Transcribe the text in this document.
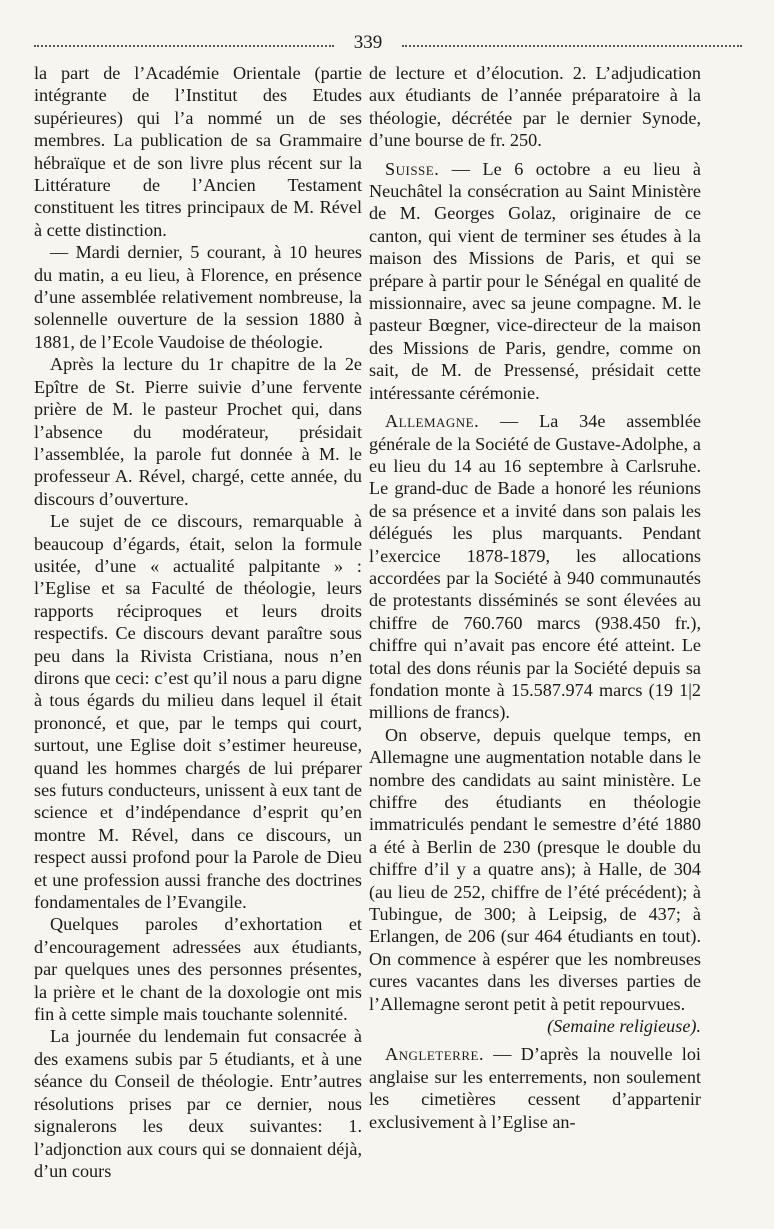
339

la part de l’Académie Orientale (partie intégrante de l’Institut des Etudes supérieures) qui l’a nommé un de ses membres. La publication de sa Grammaire hébraïque et de son livre plus récent sur la Littérature de l’Ancien Testament constituent les titres principaux de M. Rével à cette distinction.

— Mardi dernier, 5 courant, à 10 heures du matin, a eu lieu, à Florence, en présence d’une assemblée relativement nombreuse, la solennelle ouverture de la session 1880 à 1881, de l’Ecole Vaudoise de théologie.

Après la lecture du 1r chapitre de la 2e Epître de St. Pierre suivie d’une fervente prière de M. le pasteur Prochet qui, dans l’absence du modérateur, présidait l’assemblée, la parole fut donnée à M. le professeur A. Rével, chargé, cette année, du discours d’ouverture.

Le sujet de ce discours, remarquable à beaucoup d’égards, était, selon la formule usitée, d’une « actualité palpitante » : l’Eglise et sa Faculté de théologie, leurs rapports réciproques et leurs droits respectifs. Ce discours devant paraître sous peu dans la Rivista Cristiana, nous n’en dirons que ceci: c’est qu’il nous a paru digne à tous égards du milieu dans lequel il était prononcé, et que, par le temps qui court, surtout, une Eglise doit s’estimer heureuse, quand les hommes chargés de lui préparer ses futurs conducteurs, unissent à eux tant de science et d’indépendance d’esprit qu’en montre M. Rével, dans ce discours, un respect aussi profond pour la Parole de Dieu et une profession aussi franche des doctrines fondamentales de l’Evangile.

Quelques paroles d’exhortation et d’encouragement adressées aux étudiants, par quelques unes des personnes présentes, la prière et le chant de la doxologie ont mis fin à cette simple mais touchante solennité.

La journée du lendemain fut consacrée à des examens subis par 5 étudiants, et à une séance du Conseil de théologie. Entr’autres résolutions prises par ce dernier, nous signalerons les deux suivantes: 1. l’adjonction aux cours qui se donnaient déjà, d’un cours

de lecture et d’élocution. 2. L’adjudication aux étudiants de l’année préparatoire à la théologie, décrétée par le dernier Synode, d’une bourse de fr. 250.

Suisse. — Le 6 octobre a eu lieu à Neuchâtel la consécration au Saint Ministère de M. Georges Golaz, originaire de ce canton, qui vient de terminer ses études à la maison des Missions de Paris, et qui se prépare à partir pour le Sénégal en qualité de missionnaire, avec sa jeune compagne. M. le pasteur Bœgner, vice-directeur de la maison des Missions de Paris, gendre, comme on sait, de M. de Pressensé, présidait cette intéressante cérémonie.

Allemagne. — La 34e assemblée générale de la Société de Gustave-Adolphe, a eu lieu du 14 au 16 septembre à Carlsruhe. Le grand-duc de Bade a honoré les réunions de sa présence et a invité dans son palais les délégués les plus marquants. Pendant l’exercice 1878-1879, les allocations accordées par la Société à 940 communautés de protestants disséminés se sont élevées au chiffre de 760.760 marcs (938.450 fr.), chiffre qui n’avait pas encore été atteint. Le total des dons réunis par la Société depuis sa fondation monte à 15.587.974 marcs (19 1|2 millions de francs).

On observe, depuis quelque temps, en Allemagne une augmentation notable dans le nombre des candidats au saint ministère. Le chiffre des étudiants en théologie immatriculés pendant le semestre d’été 1880 a été à Berlin de 230 (presque le double du chiffre d’il y a quatre ans); à Halle, de 304 (au lieu de 252, chiffre de l’été précédent); à Tubingue, de 300; à Leipsig, de 437; à Erlangen, de 206 (sur 464 étudiants en tout). On commence à espérer que les nombreuses cures vacantes dans les diverses parties de l’Allemagne seront petit à petit repourvues.

(Semaine religieuse).

Angleterre. — D’après la nouvelle loi anglaise sur les enterrements, non soulement les cimetières cessent d’appartenir exclusivement à l’Eglise an-
